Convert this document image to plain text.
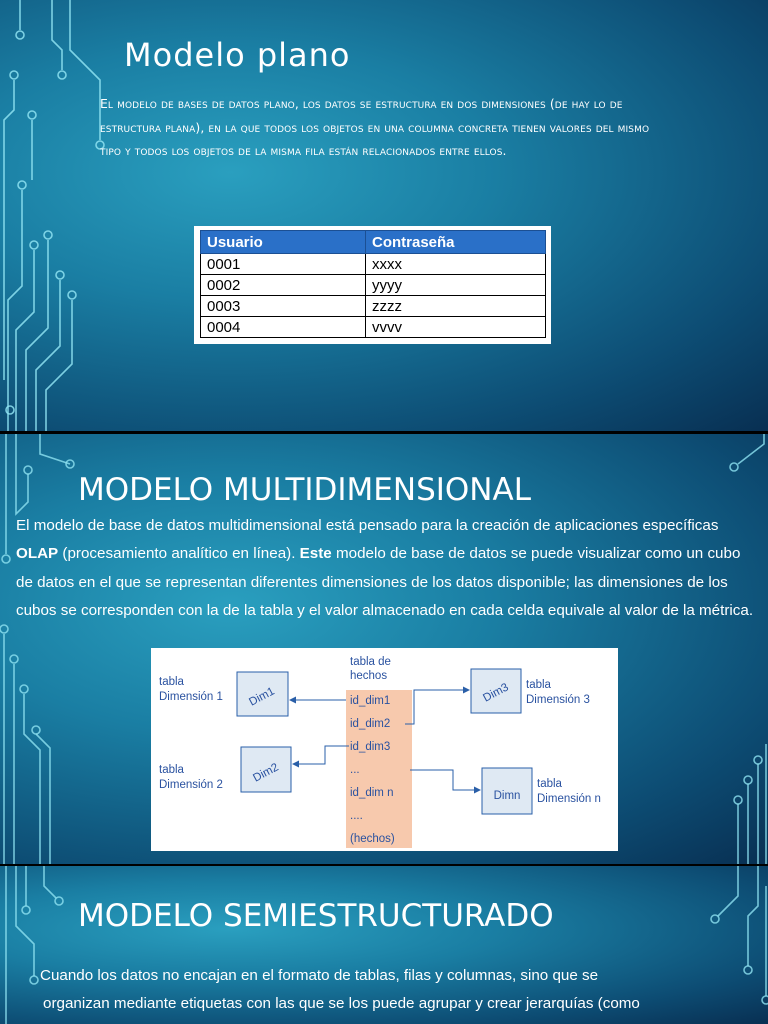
Modelo plano

El modelo de bases de datos plano, los datos se estructura en dos dimensiones (de hay lo de estructura plana), en la que todos los objetos en una columna concreta tienen valores del mismo tipo y todos los objetos de la misma fila están relacionados entre ellos.

Usuario	Contraseña
0001	xxxx
0002	yyyy
0003	zzzz
0004	vvvv
MODELO MULTIDIMENSIONAL

El modelo de base de datos multidimensional está pensado para la creación de aplicaciones específicas OLAP (procesamiento analítico en línea). Este modelo de base de datos se puede visualizar como un cubo de datos en el que se representan diferentes dimensiones de los datos disponible; las dimensiones de los cubos se corresponden con la de la tabla y el valor almacenado en cada celda equivale al valor de la métrica.

tabla de
hechos
id_dim1
id_dim2
id_dim3
...
id_dim n
....
(hechos)
Dim1
tabla
Dimensión 1
Dim2
tabla
Dimensión 2
Dim3 tabla
Dimensión 3
Dimn
tabla
Dimensión n
MODELO SEMIESTRUCTURADO
Cuando los datos no encajan en el formato de tablas, filas y columnas, sino que se
organizan mediante etiquetas con las que se los puede agrupar y crear jerarquías (como
